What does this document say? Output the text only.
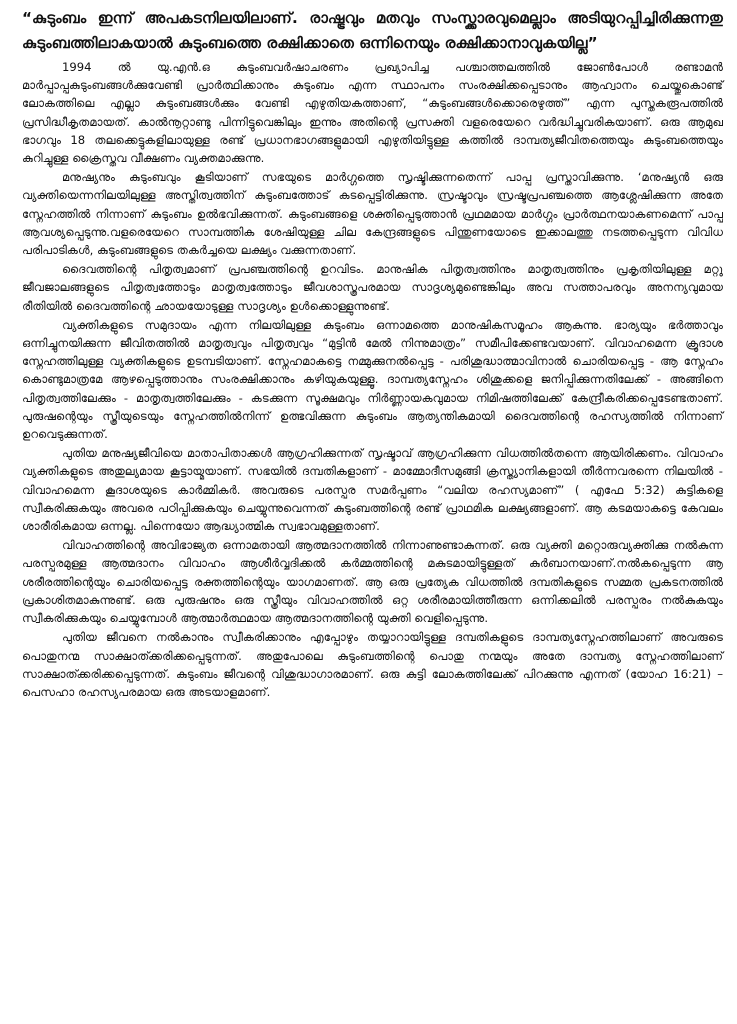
“കുടുംബം ഇന്ന് അപകടനിലയിലാണ്. രാഷ്ട്രവും മതവും സംസ്ക്കാരവുമെല്ലാം അടിയുറപ്പിച്ചിരിക്കുന്നതു കുടുംബത്തിലാകയാൽ കുടുംബത്തെ രക്ഷിക്കാതെ ഒന്നിനെയും രക്ഷിക്കാനാവുകയില്ല”

1994 ൽ യു.എൻ.ഒ കുടുംബവർഷാചരണം പ്രഖ്യാപിച്ച പശ്ചാത്തലത്തിൽ ജോൺപോൾ രണ്ടാമൻ മാർപ്പാപ്പകുടുംബങ്ങൾക്കുവേണ്ടി പ്രാർത്ഥിക്കാനും കുടുംബം എന്ന സ്ഥാപനം സംരക്ഷിക്കപ്പെടാനും ആഹ്വാനം ചെയ്തുകൊണ്ട് ലോകത്തിലെ എല്ലാ കുടുംബങ്ങൾക്കും വേണ്ടി എഴുതിയകത്താണ്, “കുടുംബങ്ങൾക്കൊരെഴുത്ത്” എന്ന പുസ്തകരൂപത്തിൽ പ്രസിദ്ധീകൃതമായത്. കാൽനൂറ്റാണ്ടു പിന്നിട്ടുവെങ്കിലും ഇന്നും അതിന്റെ പ്രസക്തി വളരെയേറെ വർദ്ധിച്ചുവരികയാണ്. ഒരു ആമുഖ ഭാഗവും 18 തലക്കെട്ടുകളിലായുള്ള രണ്ട് പ്രധാനഭാഗങ്ങളുമായി എഴുതിയിട്ടുള്ള കത്തിൽ ദാമ്പത്യജീവിതത്തെയും കുടുംബത്തെയും കുറിച്ചുള്ള ക്രൈസ്തവ വീക്ഷണം വ്യക്തമാക്കുന്നു.

മനുഷ്യനും കുടുംബവും കൂടിയാണ് സഭയുടെ മാർഗ്ഗത്തെ സൃഷ്ടിക്കുന്നതെന്ന് പാപ്പ പ്രസ്താവിക്കുന്നു. ‘മനുഷ്യൻ ഒരു വ്യക്തിയെന്നനിലയിലുള്ള അസ്തിത്വത്തിന് കുടുംബത്തോട് കടപ്പെട്ടിരിക്കുന്നു. സ്രഷ്ടാവും സ്രഷ്ടപ്രപഞ്ചത്തെ ആശ്ലേഷിക്കുന്ന അതേ സ്നേഹത്തിൽ നിന്നാണ് കുടുംബം ഉൽഭവിക്കുന്നത്. കുടുംബങ്ങളെ ശക്തിപ്പെടുത്താൻ പ്രഥമമായ മാർഗ്ഗം പ്രാർത്ഥനയാകണമെന്ന് പാപ്പ ആവശ്യപ്പെടുന്നു.വളരെയേറെ സാമ്പത്തിക ശേഷിയുള്ള ചില കേന്ദ്രങ്ങളുടെ പിന്തുണയോടെ ഇക്കാലത്തു നടത്തപ്പെടുന്ന വിവിധ പരിപാടികൾ, കുടുംബങ്ങളുടെ തകർച്ചയെ ലക്ഷ്യം വക്കുന്നതാണ്.

ദൈവത്തിന്റെ പിതൃത്വമാണ് പ്രപഞ്ചത്തിന്റെ ഉറവിടം. മാനുഷിക പിതൃത്വത്തിനും മാതൃത്വത്തിനും പ്രകൃതിയിലുള്ള മറ്റു ജീവജാലങ്ങളുടെ പിതൃത്വത്തോടും മാതൃത്വത്തോടും ജീവശാസ്ത്രപരമായ സാദൃശ്യമുണ്ടെങ്കിലും അവ സത്താപരവും അനന്യവുമായ രീതിയിൽ ദൈവത്തിന്റെ ഛായയോടുള്ള സാദൃശ്യം ഉൾക്കൊള്ളുന്നുണ്ട്.

വ്യക്തികളുടെ സമുദായം എന്ന നിലയിലുള്ള കുടുംബം ഒന്നാമത്തെ മാനുഷികസമൂഹം ആകുന്നു. ഭാര്യയും ഭർത്താവും ഒന്നിച്ചുനയിക്കുന്ന ജീവിതത്തിൽ മാതൃത്വവും പിതൃത്വവും “മുട്ടിൻ മേൽ നിന്നുമാത്രം” സമീപിക്കേണ്ടവയാണ്. വിവാഹമെന്ന ക്രൂദാശ സ്നേഹത്തിലുള്ള വ്യക്തികളുടെ ഉടമ്പടിയാണ്. സ്നേഹമാകട്ടെ നമ്മുക്കുനൽപ്പെട്ട - പരിശുദ്ധാത്മാവിനാൽ ചൊരിയപ്പെട്ട - ആ സ്നേഹം കൊണ്ടുമാത്രമേ ആഴപ്പെടുത്താനും സംരക്ഷിക്കാനും കഴിയുകയുള്ളൂ. ദാമ്പത്യസ്നേഹം ശിശുക്കളെ ജനിപ്പിക്കുന്നതിലേക്ക് - അങ്ങിനെ പിതൃത്വത്തിലേക്കും - മാതൃത്വത്തിലേക്കും - കടക്കുന്ന സൂക്ഷമവും നിർണ്ണായകവുമായ നിമിഷത്തിലേക്ക് കേന്ദ്രീകരിക്കപ്പെടേണ്ടതാണ്. പുരുഷന്റെയും സ്ത്രീയുടെയും സ്നേഹത്തിൽനിന്ന് ഉത്ഭവിക്കുന്ന കുടുംബം ആത്യന്തികമായി ദൈവത്തിന്റെ രഹസ്യത്തിൽ നിന്നാണ് ഉറവെടുക്കുന്നത്.

പുതിയ മനുഷ്യജീവിയെ മാതാപിതാക്കൾ ആഗ്രഹിക്കുന്നത് സൃഷ്ടാവ് ആഗ്രഹിക്കുന്ന വിധത്തിൽതന്നെ ആയിരിക്കണം. വിവാഹം വ്യക്തികളുടെ അതുല്യമായ കൂട്ടായ്മയാണ്. സഭയിൽ ദമ്പതികളാണ് - മാമ്മോദീസമുങ്ങി ക്രസ്ത്യാനികളായി തീർന്നവരന്നെ നിലയിൽ - വിവാഹമെന്ന കൂദാശയുടെ കാർമ്മികർ. അവരുടെ പരസ്പര സമർപ്പണം “വലിയ രഹസ്യമാണ്” ( എഫേ 5:32) കുട്ടികളെ സ്വീകരിക്കുകയും അവരെ പഠിപ്പിക്കുകയും ചെയ്യുന്നുവെന്നത് കുടുംബത്തിന്റെ രണ്ട് പ്രാഥമിക ലക്ഷ്യങ്ങളാണ്. ആ കടമയാകട്ടെ കേവലം ശാരീരികമായ ഒന്നല്ല. പിന്നെയോ ആദ്ധ്യാത്മിക സ്വഭാവമുള്ളതാണ്.

വിവാഹത്തിന്റെ അവിഭാജ്യത ഒന്നാമതായി ആത്മദാനത്തിൽ നിന്നാണുണ്ടാകുന്നത്. ഒരു വ്യക്തി മറ്റൊരുവ്യക്തിക്കു നൽകുന്ന പരസ്പരമുള്ള ആത്മദാനം വിവാഹം ആശീർവ്വദിക്കൽ കർമ്മത്തിന്റെ മകുടമായിട്ടുള്ളത് കുർബാനയാണ്.നൽകപ്പെടുന്ന ആ ശരീരത്തിന്റെയും ചൊരിയപ്പെട്ട രക്തത്തിന്റെയും യാഗമാണത്. ആ ഒരു പ്രത്യേക വിധത്തിൽ ദമ്പതികളുടെ സമ്മത പ്രകടനത്തിൽ പ്രകാശിതമാകുന്നുണ്ട്. ഒരു പുരുഷനും ഒരു സ്ത്രീയും വിവാഹത്തിൽ ഒറ്റ ശരീരമായിത്തീരുന്ന ഒന്നിക്കലിൽ പരസ്പരം നൽകുകയും സ്വീകരിക്കുകയും ചെയ്യുമ്പോൾ ആത്മാർത്ഥമായ ആത്മദാനത്തിന്റെ യുക്തി വെളിപ്പെടുന്നു.

പുതിയ ജീവനെ നൽകാനും സ്വീകരിക്കാനും എപ്പോഴും തയ്യാറായിട്ടുള്ള ദമ്പതികളുടെ ദാമ്പത്യസ്നേഹത്തിലാണ് അവരുടെ പൊതുനന്മ സാക്ഷാത്ക്കരിക്കപ്പെടുന്നത്. അതുപോലെ കുടുംബത്തിന്റെ പൊതു നന്മയും അതേ ദാമ്പത്യ സ്നേഹത്തിലാണ് സാക്ഷാത്ക്കരിക്കപ്പെടുന്നത്. കുടുംബം ജീവന്റെ വിശുദ്ധാഗാരമാണ്. ഒരു കുട്ടി ലോകത്തിലേക്ക് പിറക്കുന്നു എന്നത് (യോഹ 16:21) –പെസഹാ രഹസ്യപരമായ ഒരു അടയാളമാണ്.
